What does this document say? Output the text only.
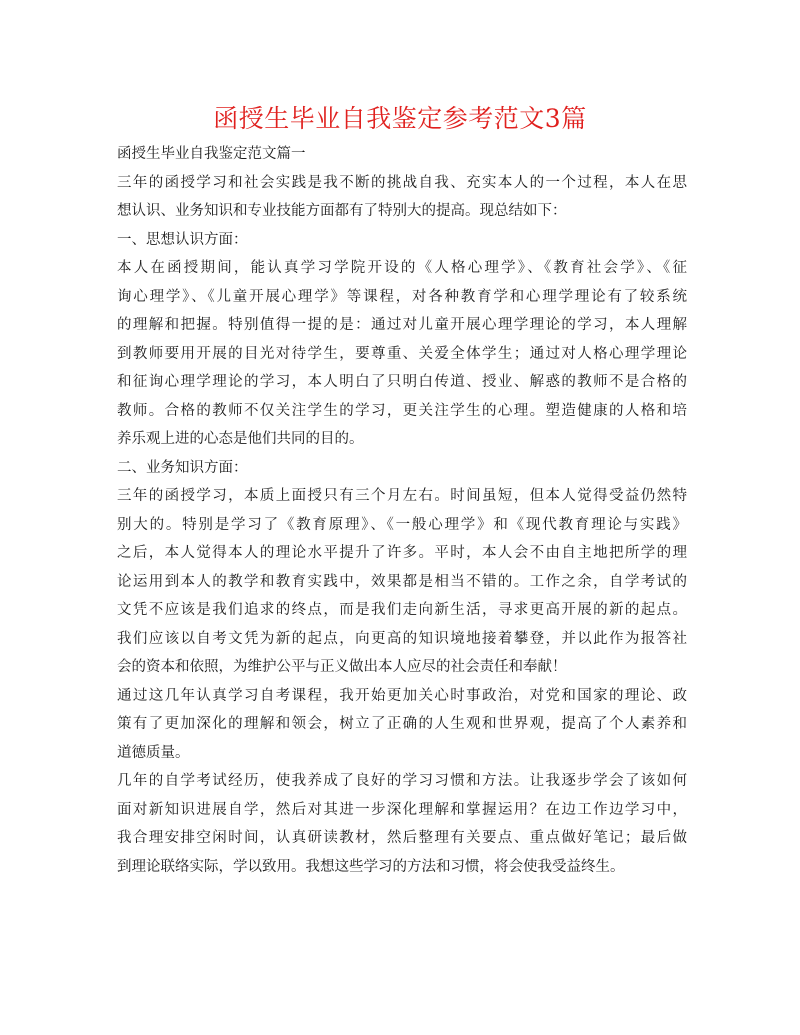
函授生毕业自我鉴定参考范文3篇
函授生毕业自我鉴定范文篇一
三年的函授学习和社会实践是我不断的挑战自我、充实本人的一个过程，本人在思
想认识、业务知识和专业技能方面都有了特别大的提高。现总结如下：
一、思想认识方面：
本人在函授期间，能认真学习学院开设的《人格心理学》、《教育社会学》、《征
询心理学》、《儿童开展心理学》等课程，对各种教育学和心理学理论有了较系统
的理解和把握。特别值得一提的是：通过对儿童开展心理学理论的学习，本人理解
到教师要用开展的目光对待学生，要尊重、关爱全体学生；通过对人格心理学理论
和征询心理学理论的学习，本人明白了只明白传道、授业、解惑的教师不是合格的
教师。合格的教师不仅关注学生的学习，更关注学生的心理。塑造健康的人格和培
养乐观上进的心态是他们共同的目的。
二、业务知识方面：
三年的函授学习，本质上面授只有三个月左右。时间虽短，但本人觉得受益仍然特
别大的。特别是学习了《教育原理》、《一般心理学》和《现代教育理论与实践》
之后，本人觉得本人的理论水平提升了许多。平时，本人会不由自主地把所学的理
论运用到本人的教学和教育实践中，效果都是相当不错的。工作之余，自学考试的
文凭不应该是我们追求的终点，而是我们走向新生活，寻求更高开展的新的起点。
我们应该以自考文凭为新的起点，向更高的知识境地接着攀登，并以此作为报答社
会的资本和依照，为维护公平与正义做出本人应尽的社会责任和奉献！
通过这几年认真学习自考课程，我开始更加关心时事政治，对党和国家的理论、政
策有了更加深化的理解和领会，树立了正确的人生观和世界观，提高了个人素养和
道德质量。
几年的自学考试经历，使我养成了良好的学习习惯和方法。让我逐步学会了该如何
面对新知识进展自学，然后对其进一步深化理解和掌握运用？在边工作边学习中，
我合理安排空闲时间，认真研读教材，然后整理有关要点、重点做好笔记；最后做
到理论联络实际，学以致用。我想这些学习的方法和习惯，将会使我受益终生。
